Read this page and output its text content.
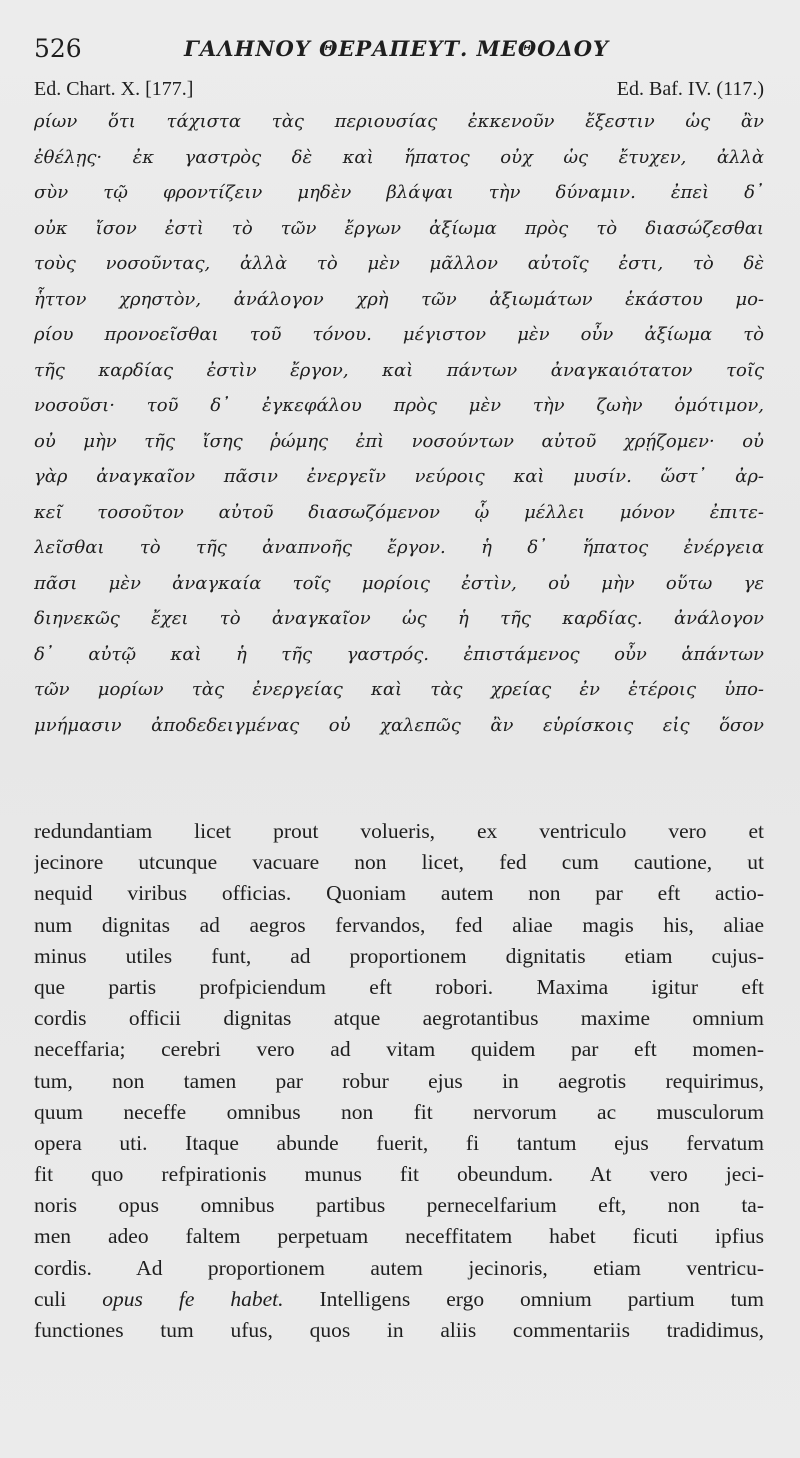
526	ΓΑΛΗΝΟΥ ΘΕΡΑΠΕΥΤ. ΜΕΘΟΔΟΥ
Ed. Chart. X. [177.]	Ed. Baf. IV. (117.)
ρίων ὅτι τάχιστα τὰς περιουσίας ἐκκενοῦν ἔξεστιν ὡς ἂν
ἐθέλῃς· ἐκ γαστρὸς δὲ καὶ ἥπατος οὐχ ὡς ἔτυχεν, ἀλλὰ
σὺν τῷ φροντίζειν μηδὲν βλάψαι τὴν δύναμιν. ἐπεὶ δ᾽
οὐκ ἴσον ἐστὶ τὸ τῶν ἔργων ἀξίωμα πρὸς τὸ διασώζεσθαι
τοὺς νοσοῦντας, ἀλλὰ τὸ μὲν μᾶλλον αὐτοῖς ἐστι, τὸ δὲ
ἧττον χρηστὸν, ἀνάλογον χρὴ τῶν ἀξιωμάτων ἑκάστου μο-
ρίου προνοεῖσθαι τοῦ τόνου. μέγιστον μὲν οὖν ἀξίωμα τὸ
τῆς καρδίας ἐστὶν ἔργον, καὶ πάντων ἀναγκαιότατον τοῖς
νοσοῦσι· τοῦ δ᾽ ἐγκεφάλου πρὸς μὲν τὴν ζωὴν ὁμότιμον,
οὐ μὴν τῆς ἴσης ῥώμης ἐπὶ νοσούντων αὐτοῦ χρῄζομεν· οὐ
γὰρ ἀναγκαῖον πᾶσιν ἐνεργεῖν νεύροις καὶ μυσίν. ὥστ᾽ ἀρ-
κεῖ τοσοῦτον αὐτοῦ διασωζόμενον ᾧ μέλλει μόνον ἐπιτε-
λεῖσθαι τὸ τῆς ἀναπνοῆς ἔργον. ἡ δ᾽ ἥπατος ἐνέργεια
πᾶσι μὲν ἀναγκαία τοῖς μορίοις ἐστὶν, οὐ μὴν οὕτω γε
διηνεκῶς ἔχει τὸ ἀναγκαῖον ὡς ἡ τῆς καρδίας. ἀνάλογον
δ᾽ αὐτῷ καὶ ἡ τῆς γαστρός. ἐπιστάμενος οὖν ἁπάντων
τῶν μορίων τὰς ἐνεργείας καὶ τὰς χρείας ἐν ἑτέροις ὑπο-
μνήμασιν ἀποδεδειγμένας οὐ χαλεπῶς ἂν εὑρίσκοις εἰς ὅσον
redundantiam licet prout volueris, ex ventriculo vero et
jecinore utcunque vacuare non licet, fed cum cautione, ut
nequid viribus officias. Quoniam autem non par eft actio-
num dignitas ad aegros fervandos, fed aliae magis his, aliae
minus utiles funt, ad proportionem dignitatis etiam cujus-
que partis profpiciendum eft robori. Maxima igitur eft
cordis officii dignitas atque aegrotantibus maxime omnium
neceffaria; cerebri vero ad vitam quidem par eft momen-
tum, non tamen par robur ejus in aegrotis requirimus,
quum neceffe omnibus non fit nervorum ac musculorum
opera uti. Itaque abunde fuerit, fi tantum ejus fervatum
fit quo refpirationis munus fit obeundum. At vero jeci-
noris opus omnibus partibus pernecelfarium eft, non ta-
men adeo faltem perpetuam neceffitatem habet ficuti ipfius
cordis. Ad proportionem autem jecinoris, etiam ventricu-
culi opus fe habet. Intelligens ergo omnium partium tum
functiones tum ufus, quos in aliis commentariis tradidimus,
